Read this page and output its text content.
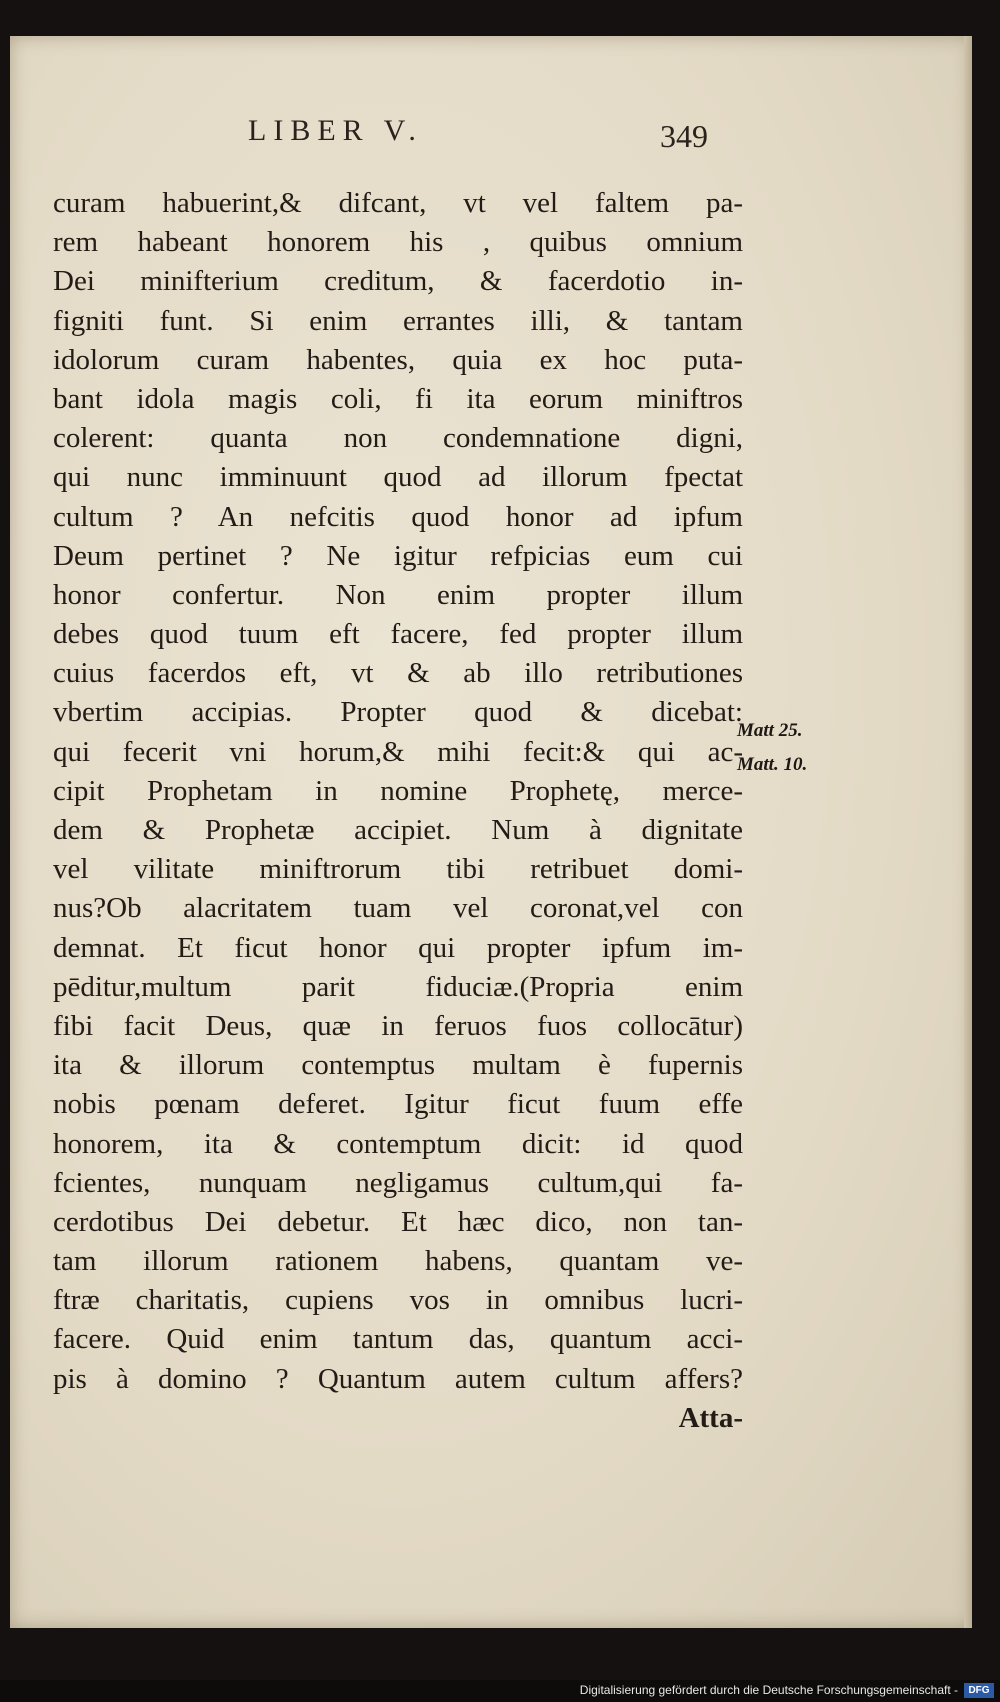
LIBER V.	349
curam habuerint,& difcant, vt vel faltem pa-
rem habeant honorem his , quibus omnium
Dei minifterium creditum, & facerdotio in-
figniti funt. Si enim errantes illi, & tantam
idolorum curam habentes, quia ex hoc puta-
bant idola magis coli, fi ita eorum miniftros
colerent: quanta non condemnatione digni,
qui nunc imminuunt quod ad illorum fpectat
cultum ? An nefcitis quod honor ad ipfum
Deum pertinet ? Ne igitur refpicias eum cui
honor confertur. Non enim propter illum
debes quod tuum eft facere, fed propter illum
cuius facerdos eft, vt & ab illo retributiones
vbertim accipias. Propter quod & dicebat:
qui fecerit vni horum,& mihi fecit:& qui ac-
cipit Prophetam in nomine Prophetę, merce-
dem & Prophetæ accipiet. Num à dignitate
vel vilitate miniftrorum tibi retribuet domi-
nus?Ob alacritatem tuam vel coronat,vel con
demnat. Et ficut honor qui propter ipfum im-
pēditur,multum parit fiduciæ.(Propria enim
fibi facit Deus, quæ in feruos fuos collocātur)
ita & illorum contemptus multam è fupernis
nobis pœnam deferet. Igitur ficut fuum effe
honorem, ita & contemptum dicit: id quod
fcientes, nunquam negligamus cultum,qui fa-
cerdotibus Dei debetur. Et hæc dico, non tan-
tam illorum rationem habens, quantam ve-
ftræ charitatis, cupiens vos in omnibus lucri-
facere. Quid enim tantum das, quantum acci-
pis à domino ? Quantum autem cultum affers?
Atta-
Matt 25.
Matt. 10.
Digitalisierung gefördert durch die Deutsche Forschungsgemeinschaft -	DFG
